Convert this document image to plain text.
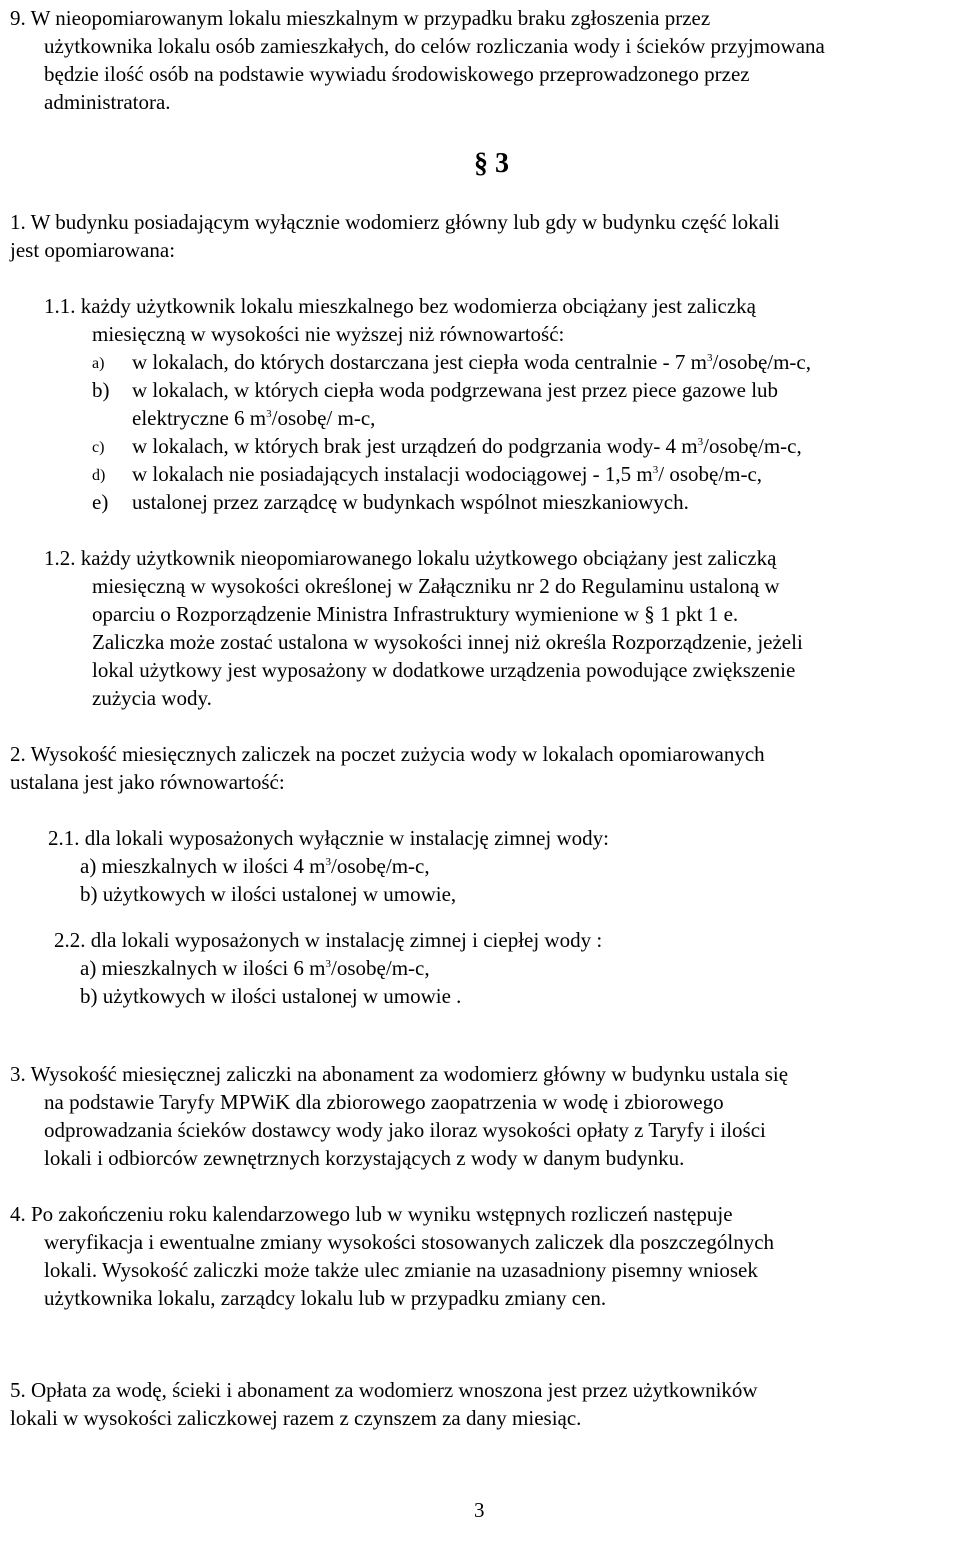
9. W nieopomiarowanym lokalu mieszkalnym w przypadku braku zgłoszenia przez
użytkownika lokalu osób zamieszkałych, do celów rozliczania wody i ścieków przyjmowana
będzie ilość osób na podstawie wywiadu środowiskowego przeprowadzonego przez
administratora.
§ 3
1. W budynku posiadającym wyłącznie wodomierz główny lub gdy w budynku część lokali
jest opomiarowana:
1.1. każdy użytkownik lokalu mieszkalnego bez wodomierza obciążany jest zaliczką
miesięczną w wysokości nie wyższej niż równowartość:
a) w lokalach, do których dostarczana jest ciepła woda centralnie - 7 $m^3/osobę/m-c$,
b) w lokalach, w których ciepła woda podgrzewana jest przez piece gazowe lub
elektryczne 6 $m^3/osobę/$ m-c,
c) w lokalach, w których brak jest urządzeń do podgrzania wody- 4 $m^3/osobę/m-c$,
d) w lokalach nie posiadających instalacji wodociągowej - 1,5 $m^3/$ osobę/m-c,
e) ustalonej przez zarządcę w budynkach wspólnot mieszkaniowych.
1.2. każdy użytkownik nieopomiarowanego lokalu użytkowego obciążany jest zaliczką
miesięczną w wysokości określonej w Załączniku nr 2 do Regulaminu ustaloną w
oparciu o Rozporządzenie Ministra Infrastruktury wymienione w § 1 pkt 1 e.
Zaliczka może zostać ustalona w wysokości innej niż określa Rozporządzenie, jeżeli
lokal użytkowy jest wyposażony w dodatkowe urządzenia powodujące zwiększenie
zużycia wody.
2. Wysokość miesięcznych zaliczek na poczet zużycia wody w lokalach opomiarowanych
ustalana jest jako równowartość:
2.1. dla lokali wyposażonych wyłącznie w instalację zimnej wody:
a) mieszkalnych w ilości 4 $m^3/osobę/m-c$,
b) użytkowych w ilości ustalonej w umowie,
2.2. dla lokali wyposażonych w instalację zimnej i ciepłej wody :
a) mieszkalnych w ilości 6 $m^3/osobę/m-c$,
b) użytkowych w ilości ustalonej w umowie .
3. Wysokość miesięcznej zaliczki na abonament za wodomierz główny w budynku ustala się
na podstawie Taryfy MPWiK dla zbiorowego zaopatrzenia w wodę i zbiorowego
odprowadzania ścieków dostawcy wody jako iloraz wysokości opłaty z Taryfy i ilości
lokali i odbiorców zewnętrznych korzystających z wody w danym budynku.
4. Po zakończeniu roku kalendarzowego lub w wyniku wstępnych rozliczeń następuje
weryfikacja i ewentualne zmiany wysokości stosowanych zaliczek dla poszczególnych
lokali. Wysokość zaliczki może także ulec zmianie na uzasadniony pisemny wniosek
użytkownika lokalu, zarządcy lokalu lub w przypadku zmiany cen.
5. Opłata za wodę, ścieki i abonament za wodomierz wnoszona jest przez użytkowników
lokali w wysokości zaliczkowej razem z czynszem za dany miesiąc.
3
